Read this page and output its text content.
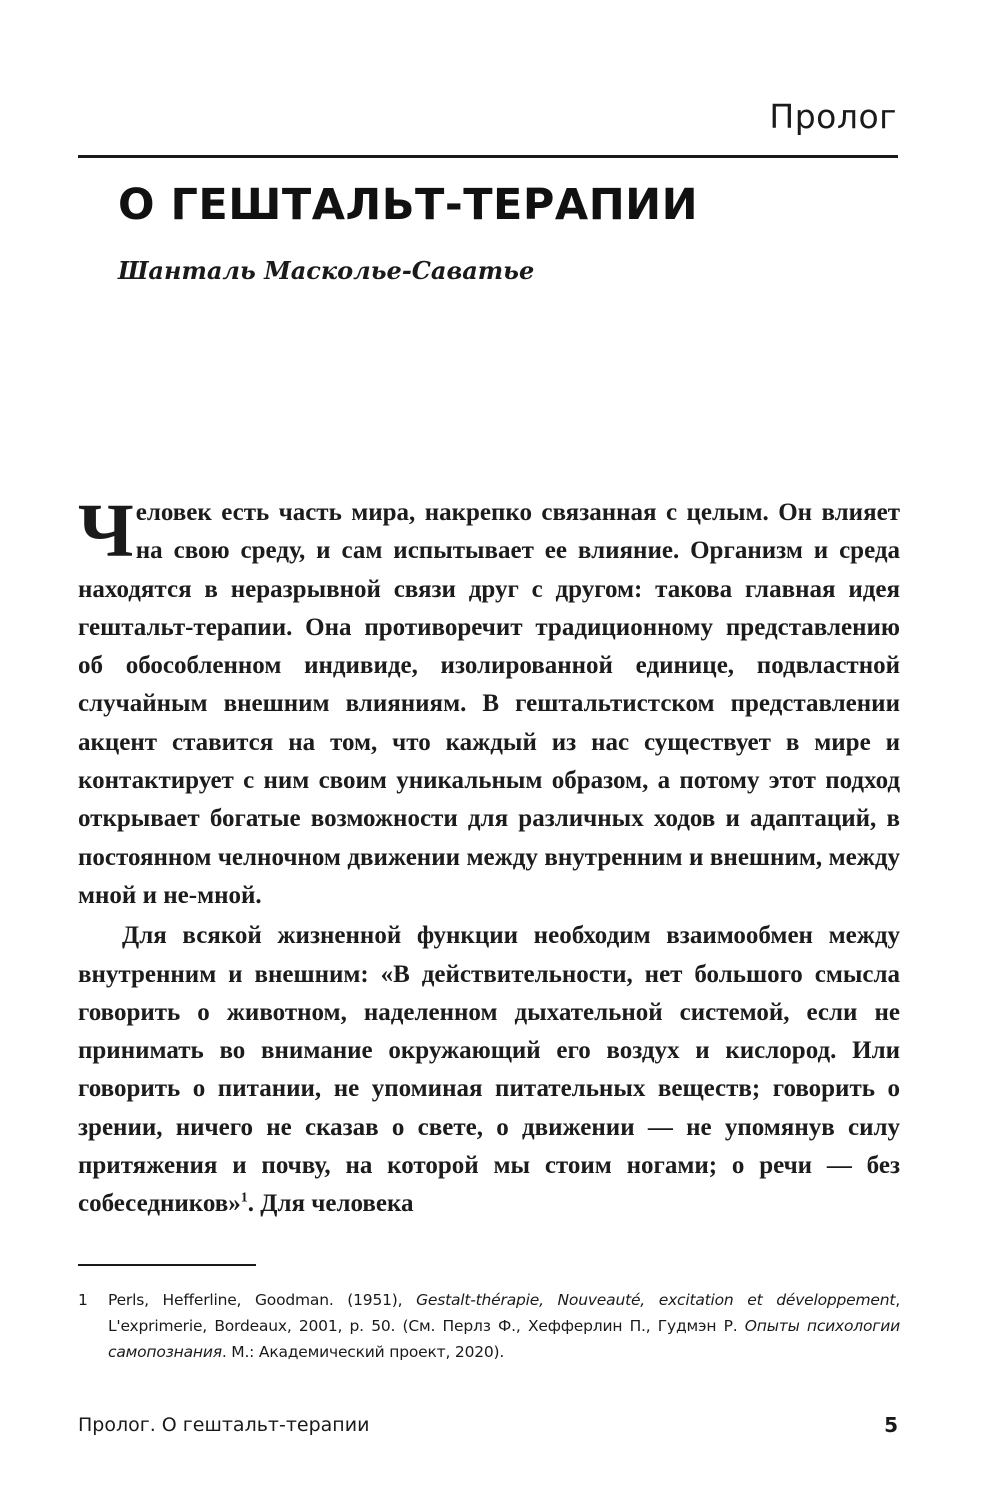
Пролог
О ГЕШТАЛЬТ-ТЕРАПИИ
Шанталь Масколье-Саватье

Человек есть часть мира, накрепко связанная с целым. Он влияет на свою среду, и сам испытывает ее влияние. Организм и среда находятся в неразрывной связи друг с другом: такова главная идея гештальт-терапии. Она противоречит традиционному представлению об обособленном индивиде, изолированной единице, подвластной случайным внешним влияниям. В гештальтистском представлении акцент ставится на том, что каждый из нас существует в мире и контактирует с ним своим уникальным образом, а потому этот подход открывает богатые возможности для различных ходов и адаптаций, в постоянном челночном движении между внутренним и внешним, между мной и не-мной.

Для всякой жизненной функции необходим взаимообмен между внутренним и внешним: «В действительности, нет большого смысла говорить о животном, наделенном дыхательной системой, если не принимать во внимание окружающий его воздух и кислород. Или говорить о питании, не упоминая питательных веществ; говорить о зрении, ничего не сказав о свете, о движении — не упомянув силу притяжения и почву, на которой мы стоим ногами; о речи — без собеседников»$^1$. Для человека

1 Perls, Hefferline, Goodman. (1951), Gestalt-thérapie, Nouveauté, excitation et développement, L'exprimerie, Bordeaux, 2001, p. 50. (См. Перлз Ф., Хефферлин П., Гудмэн Р. Опыты психологии самопознания. М.: Академический проект, 2020).

Пролог. О гештальт-терапии	5
